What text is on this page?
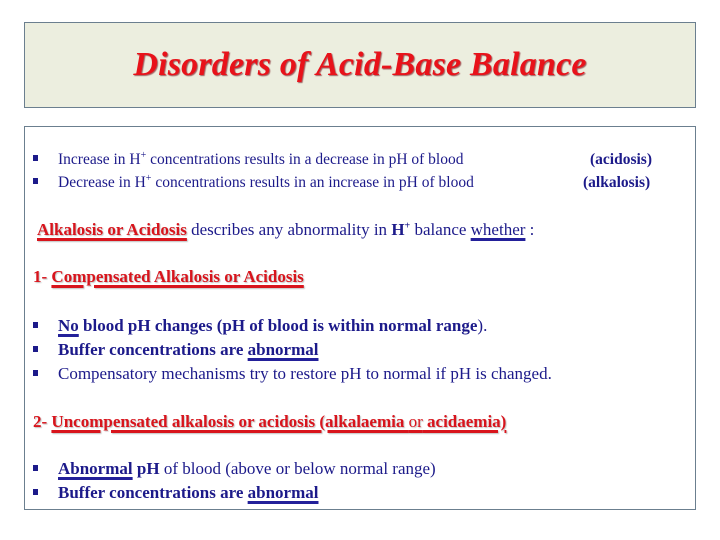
Disorders of Acid-Base Balance
Increase in H+ concentrations results in a decrease in pH of blood	(acidosis)
Decrease in H+ concentrations results in an increase in pH of blood	(alkalosis)
Alkalosis or Acidosis describes any abnormality in H+ balance whether :
1- Compensated Alkalosis or Acidosis
No blood pH changes (pH of blood is within normal range).
Buffer concentrations are abnormal
Compensatory mechanisms try to restore pH to normal if pH is changed.
2- Uncompensated alkalosis or acidosis (alkalaemia or acidaemia)
Abnormal pH of blood (above or below normal range)
Buffer concentrations are abnormal
